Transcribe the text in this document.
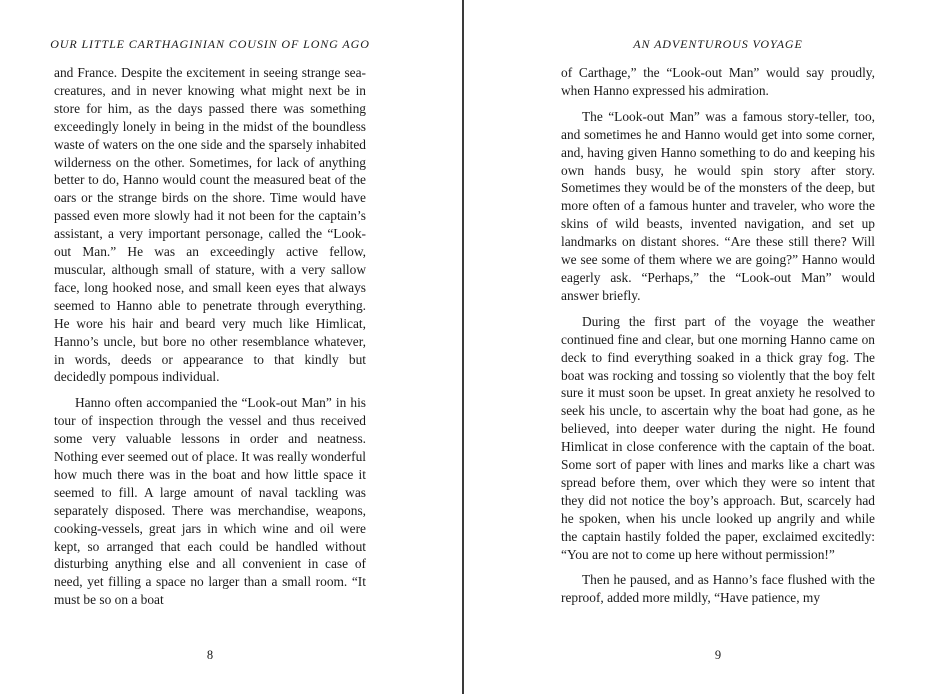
OUR LITTLE CARTHAGINIAN COUSIN OF LONG AGO

and France. Despite the excitement in seeing strange sea-creatures, and in never knowing what might next be in store for him, as the days passed there was something exceedingly lonely in being in the midst of the boundless waste of waters on the one side and the sparsely inhabited wilderness on the other. Sometimes, for lack of anything better to do, Hanno would count the measured beat of the oars or the strange birds on the shore. Time would have passed even more slowly had it not been for the captain’s assistant, a very important personage, called the “Look-out Man.” He was an exceedingly active fellow, muscular, although small of stature, with a very sallow face, long hooked nose, and small keen eyes that always seemed to Hanno able to penetrate through everything. He wore his hair and beard very much like Himlicat, Hanno’s uncle, but bore no other resemblance whatever, in words, deeds or appearance to that kindly but decidedly pompous individual.

Hanno often accompanied the “Look-out Man” in his tour of inspection through the vessel and thus received some very valuable lessons in order and neatness. Nothing ever seemed out of place. It was really wonderful how much there was in the boat and how little space it seemed to fill. A large amount of naval tackling was separately disposed. There was merchandise, weapons, cooking-vessels, great jars in which wine and oil were kept, so arranged that each could be handled without disturbing anything else and all convenient in case of need, yet filling a space no larger than a small room. “It must be so on a boat

8
AN ADVENTUROUS VOYAGE

of Carthage,” the “Look-out Man” would say proudly, when Hanno expressed his admiration.

The “Look-out Man” was a famous story-teller, too, and sometimes he and Hanno would get into some corner, and, having given Hanno something to do and keeping his own hands busy, he would spin story after story. Sometimes they would be of the monsters of the deep, but more often of a famous hunter and traveler, who wore the skins of wild beasts, invented navigation, and set up landmarks on distant shores. “Are these still there? Will we see some of them where we are going?” Hanno would eagerly ask. “Perhaps,” the “Look-out Man” would answer briefly.

During the first part of the voyage the weather continued fine and clear, but one morning Hanno came on deck to find everything soaked in a thick gray fog. The boat was rocking and tossing so violently that the boy felt sure it must soon be upset. In great anxiety he resolved to seek his uncle, to ascertain why the boat had gone, as he believed, into deeper water during the night. He found Himlicat in close conference with the captain of the boat. Some sort of paper with lines and marks like a chart was spread before them, over which they were so intent that they did not notice the boy’s approach. But, scarcely had he spoken, when his uncle looked up angrily and while the captain hastily folded the paper, exclaimed excitedly: “You are not to come up here without permission!”

Then he paused, and as Hanno’s face flushed with the reproof, added more mildly, “Have patience, my

9
